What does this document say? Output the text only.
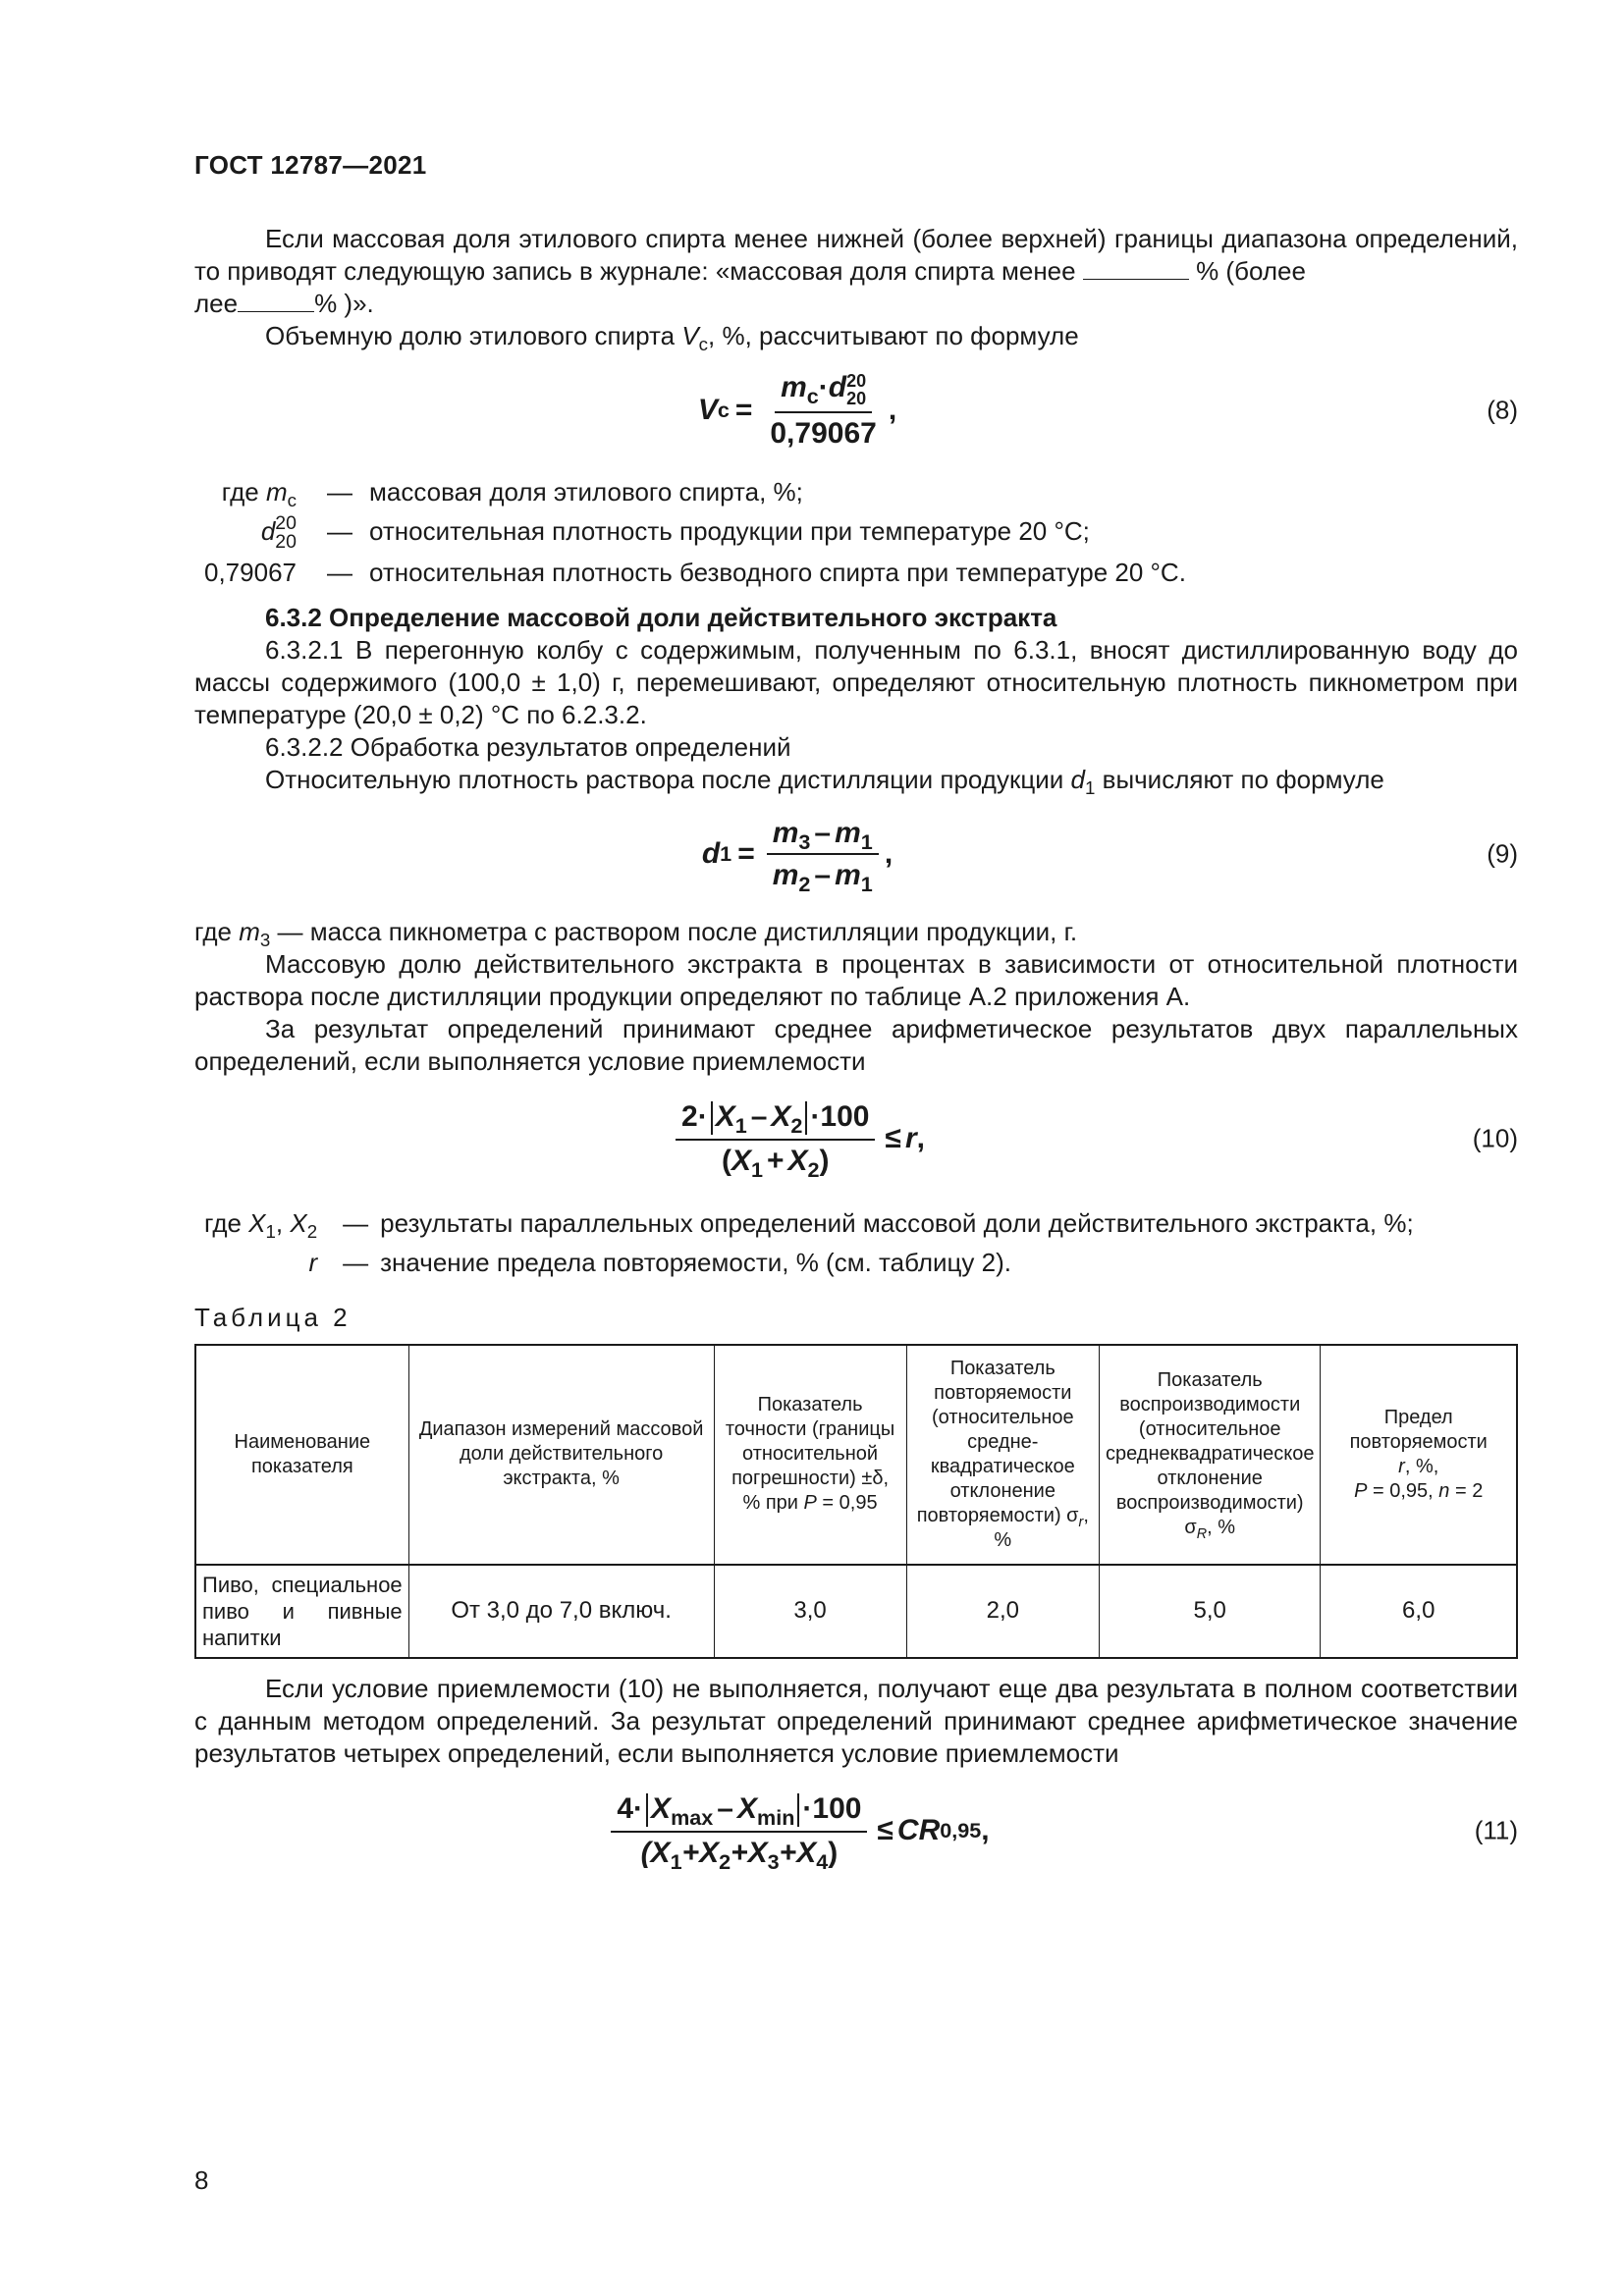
ГОСТ 12787—2021

Если массовая доля этилового спирта менее нижней (более верхней) границы диапазона определений, то приводят следующую запись в журнале: «массовая доля спирта менее	% (более
лее	% )».

Объемную долю этилового спирта $V_с$, %, рассчитывают по формуле

V $c = m_c\cdot d$ 20
20
0,79067 ,	(8)
где $m_с$	— массовая доля этилового спирта, %;
d 20
20	— относительная плотность продукции при температуре 20 °С;
0,79067	— относительная плотность безводного спирта при температуре 20 °С.

6.3.2 Определение массовой доли действительного экстракта

6.3.2.1 В перегонную колбу с содержимым, полученным по 6.3.1, вносят дистиллированную воду до массы содержимого (100,0 ± 1,0) г, перемешивают, определяют относительную плотность пикнометром при температуре (20,0 ± 0,2) °С по 6.2.3.2.

6.3.2.2 Обработка результатов определений

Относительную плотность раствора после дистилляции продукции $d_1$ вычисляют по формуле

d $1 = \frac{m_3 - m_1}{m_2 - m_1}$ ,	(9)

где $m_3$ — масса пикнометра с раствором после дистилляции продукции, г.

Массовую долю действительного экстракта в процентах в зависимости от относительной плотности раствора после дистилляции продукции определяют по таблице А.2 приложения А.

За результат определений принимают среднее арифметическое результатов двух параллельных определений, если выполняется условие приемлемости

$\frac{2\cdot X_1 - X_2 \cdot 100}{(X_1 + X_2)} \le r$ ,	(10)
где $X_1$, $X_2$	— результаты параллельных определений массовой доли действительного экстракта, %;
r	— значение предела повторяемости, % (см. таблицу 2).

Таблица 2

Наименование показателя	Диапазон измерений массовой доли действительного экстракта, %	Показатель точности (границы относительной погрешности) ±δ, % при P = 0,95	Показатель повторяемости (относительное средне-квадратическое отклонение повторяемости) $\sigma_r$, %	Показатель воспроизводимости (относительное среднеквадратическое отклонение воспроизводимости) $\sigma_R$, %	Предел повторяемости
r, %,
P = 0,95, n = 2
Пиво, специальное пиво и пивные напитки	От 3,0 до 7,0 включ.	3,0	2,0	5,0	6,0

Если условие приемлемости (10) не выполняется, получают еще два результата в полном соответствии с данным методом определений. За результат определений принимают среднее арифметическое значение результатов четырех определений, если выполняется условие приемлемости

$\frac{4\cdot X_{max} - X_{min} \cdot 100}{(X_1+X_2+X_3+X_4)}$ ≤ CR 0,95 ,	(11)
8
